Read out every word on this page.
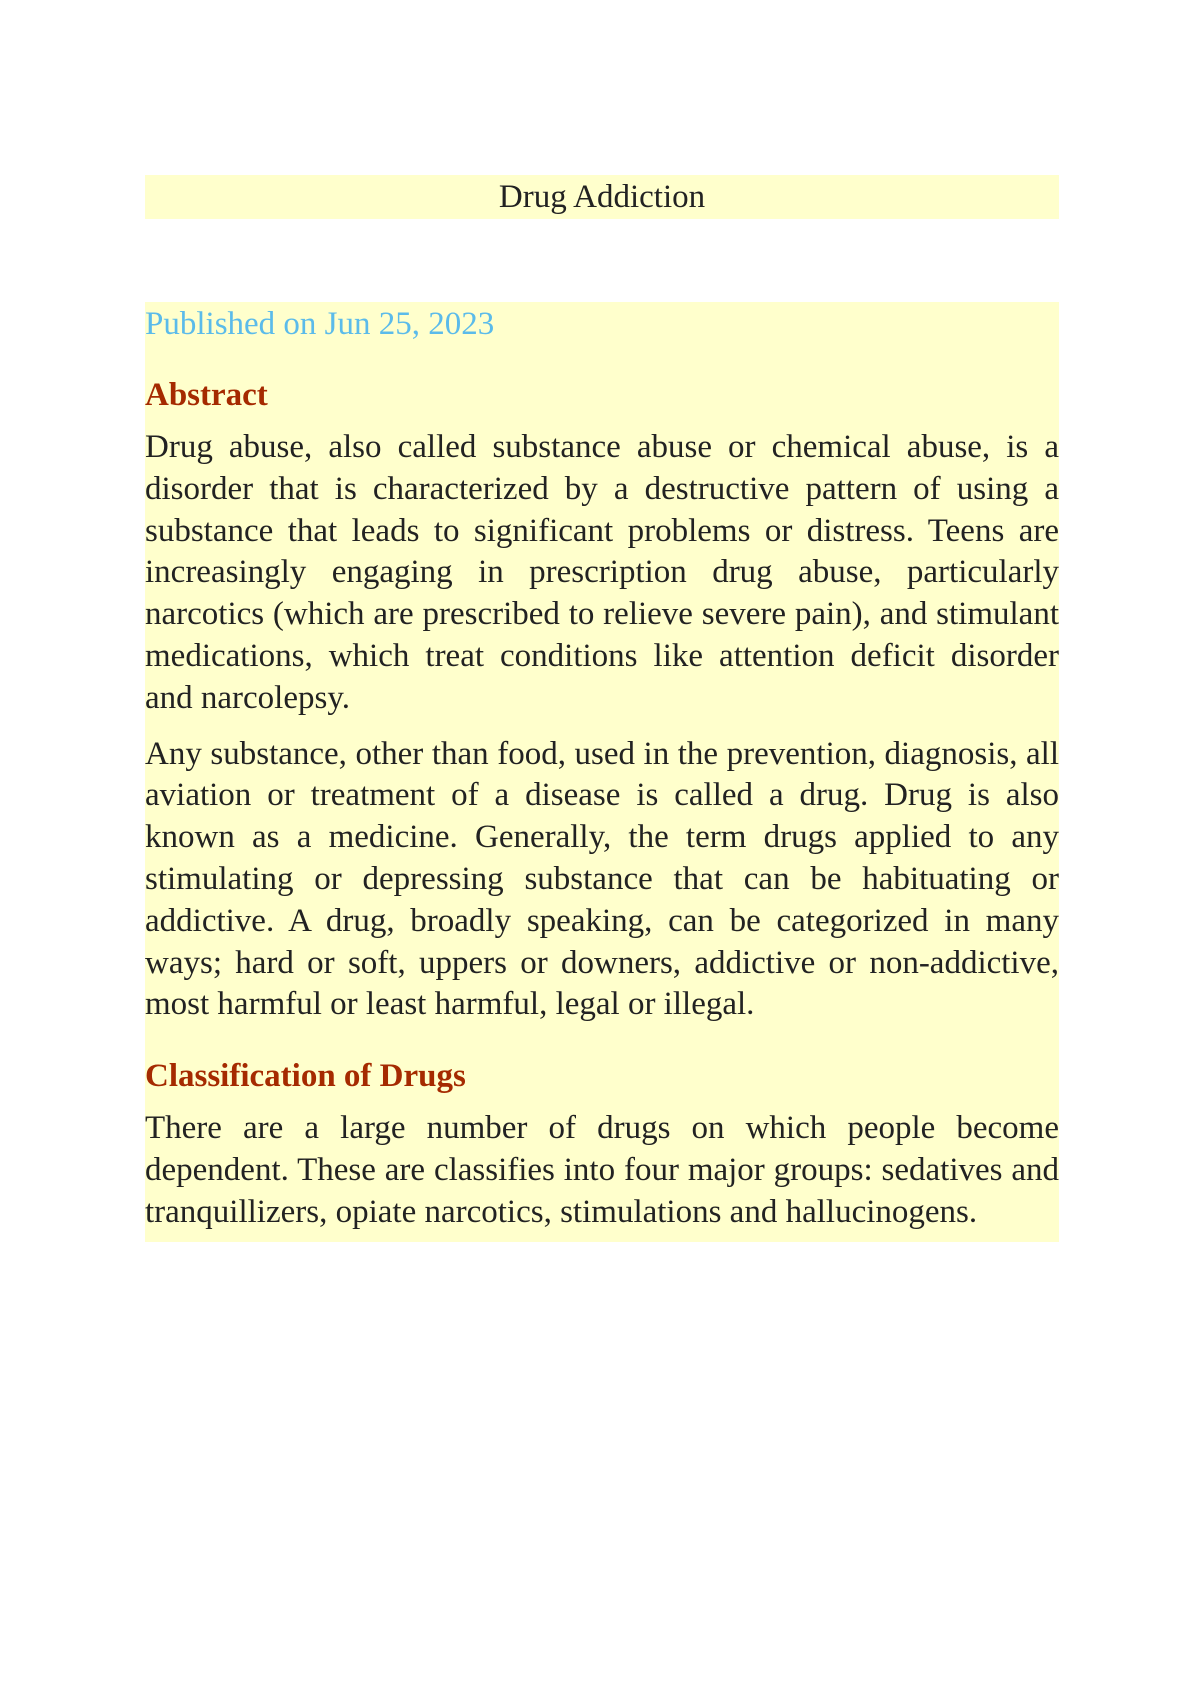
Drug Addiction

Published on Jun 25, 2023

Abstract

Drug abuse, also called substance abuse or chemical abuse, is a disorder that is characterized by a destructive pattern of using a substance that leads to significant problems or distress. Teens are increasingly engaging in prescription drug abuse, particularly narcotics (which are prescribed to relieve severe pain), and stimulant medications, which treat conditions like attention deficit disorder and narcolepsy.

Any substance, other than food, used in the prevention, diagnosis, all aviation or treatment of a disease is called a drug. Drug is also known as a medicine. Generally, the term drugs applied to any stimulating or depressing substance that can be habituating or addictive. A drug, broadly speaking, can be categorized in many ways; hard or soft, uppers or downers, addictive or non-addictive, most harmful or least harmful, legal or illegal.

Classification of Drugs

There are a large number of drugs on which people become dependent. These are classifies into four major groups: sedatives and tranquillizers, opiate narcotics, stimulations and hallucinogens.
